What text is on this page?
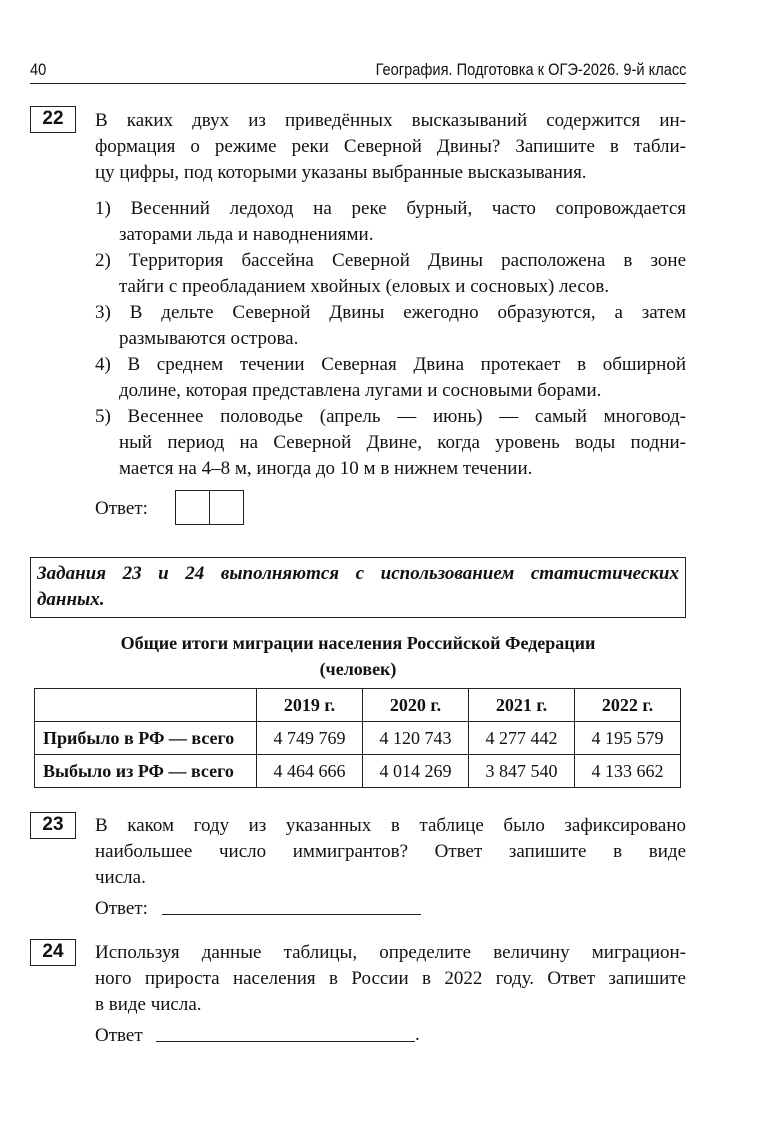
40	География. Подготовка к ОГЭ-2026. 9-й класс
22	В каких двух из приведённых высказываний содержится ин-
формация о режиме реки Северной Двины? Запишите в табли-
цу цифры, под которыми указаны выбранные высказывания.
1) Весенний ледоход на реке бурный, часто сопровождается
заторами льда и наводнениями.
2) Территория бассейна Северной Двины расположена в зоне
тайги с преобладанием хвойных (еловых и сосновых) лесов.
3) В дельте Северной Двины ежегодно образуются, а затем
размываются острова.
4) В среднем течении Северная Двина протекает в обширной
долине, которая представлена лугами и сосновыми борами.
5) Весеннее половодье (апрель — июнь) — самый многовод-
ный период на Северной Двине, когда уровень воды подни-
мается на 4–8 м, иногда до 10 м в нижнем течении.
Ответ:
Задания 23 и 24 выполняются с использованием статистических
данных.
Общие итоги миграции населения Российской Федерации
(человек)
	2019 г.	2020 г.	2021 г.	2022 г.
Прибыло в РФ — всего	4 749 769	4 120 743	4 277 442	4 195 579
Выбыло из РФ — всего	4 464 666	4 014 269	3 847 540	4 133 662
23	В каком году из указанных в таблице было зафиксировано
наибольшее число иммигрантов? Ответ запишите в виде
числа.
Ответ:
24	Используя данные таблицы, определите величину миграцион-
ного прироста населения в России в 2022 году. Ответ запишите
в виде числа.
Ответ	.
